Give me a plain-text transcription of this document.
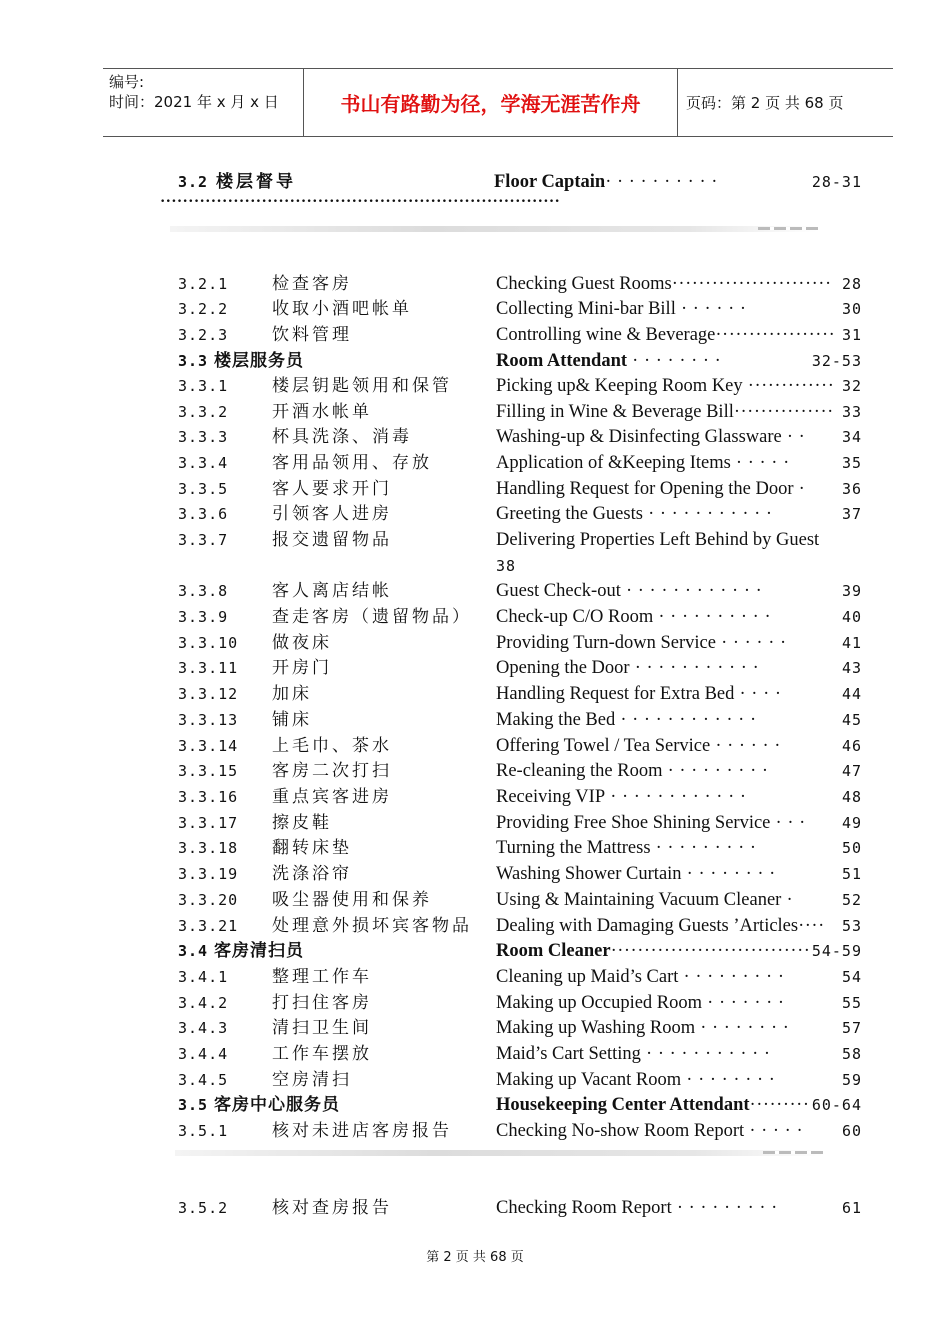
编号:
时间：2021 年 x 月 x 日	书山有路勤为径，学海无涯苦作舟	页码：第 2 页 共 68 页
3.2 楼层督导	Floor Captain· · · · · · · · · ·	28-31
·······································································
3.2.1	检查客房	Checking Guest Rooms························ 28
3.2.2	收取小酒吧帐单	Collecting Mini-bar Bill · · · · · ·	30
3.2.3	饮料管理	Controlling wine & Beverage·················· 31
3.3 楼层服务员	Room Attendant · · · · · · · ·	32-53
3.3.1	楼层钥匙领用和保管 Picking up& Keeping Room Key ············· 32
3.3.2	开酒水帐单	Filling in Wine & Beverage Bill··············· 33
3.3.3	杯具洗涤、消毒	Washing-up & Disinfecting Glassware · · 34
3.3.4	客用品领用、存放	Application of &Keeping Items · · · · ·	35
3.3.5	客人要求开门	Handling Request for Opening the Door · 36
3.3.6	引领客人进房	Greeting the Guests · · · · · · · · · · ·	37
3.3.7	报交遗留物品	Delivering Properties Left Behind by Guest
38
3.3.8	客人离店结帐	Guest Check-out · · · · · · · · · · · ·	39
3.3.9	查走客房（遗留物品） Check-up C/O Room · · · · · · · · · ·	40
3.3.10 做夜床	Providing Turn-down Service · · · · · ·	41
3.3.11 开房门	Opening the Door · · · · · · · · · · ·	43
3.3.12 加床	Handling Request for Extra Bed · · · ·	44
3.3.13 铺床	Making the Bed · · · · · · · · · · · ·	45
3.3.14 上毛巾、茶水	Offering Towel / Tea Service · · · · · ·	46
3.3.15 客房二次打扫	Re-cleaning the Room · · · · · · · · ·	47
3.3.16 重点宾客进房	Receiving VIP · · · · · · · · · · · ·	48
3.3.17 擦皮鞋	Providing Free Shoe Shining Service · · · 49
3.3.18 翻转床垫	Turning the Mattress · · · · · · · · ·	50
3.3.19 洗涤浴帘	Washing Shower Curtain · · · · · · · ·	51
3.3.20 吸尘器使用和保养	Using & Maintaining Vacuum Cleaner ·	52
3.3.21 处理意外损坏宾客物品 Dealing with Damaging Guests ’Articles···· 53
3.4 客房清扫员	Room Cleaner······························ 54-59
3.4.1	整理工作车	Cleaning up Maid’s Cart · · · · · · · · ·	54
3.4.2	打扫住客房	Making up Occupied Room · · · · · · ·	55
3.4.3	清扫卫生间	Making up Washing Room · · · · · · · ·	57
3.4.4	工作车摆放	Maid’s Cart Setting · · · · · · · · · · ·	58
3.4.5	空房清扫	Making up Vacant Room · · · · · · · ·	59
3.5 客房中心服务员	Housekeeping Center Attendant········· 60-64
3.5.1	核对未进店客房报告 Checking No-show Room Report · · · · ·	60
3.5.2	核对查房报告	Checking Room Report · · · · · · · · ·	61
第 2 页 共 68 页
